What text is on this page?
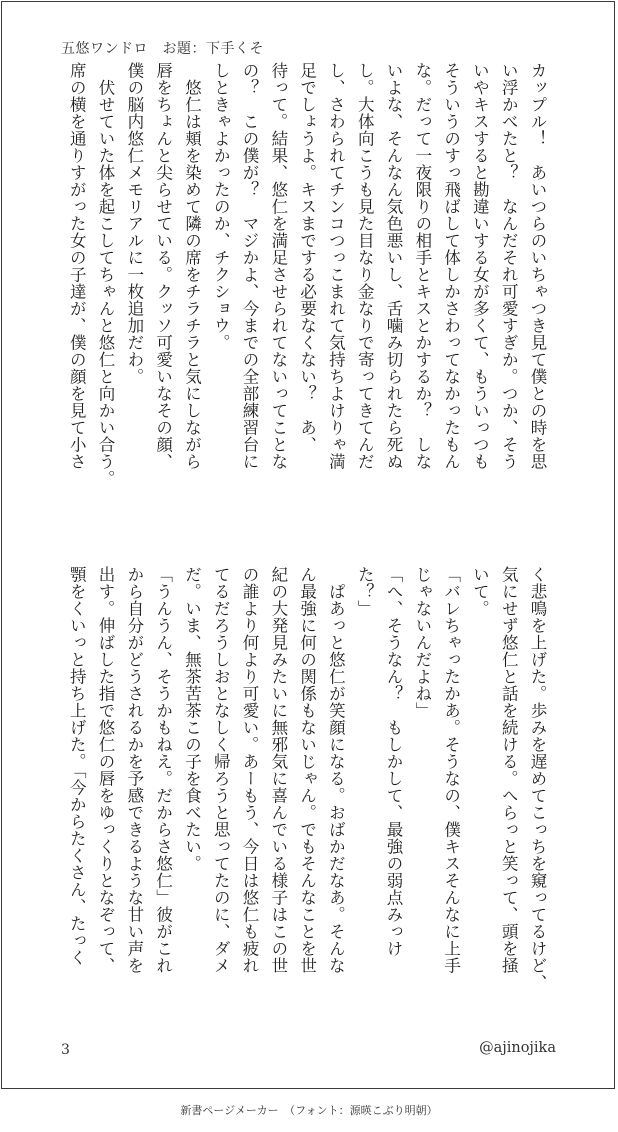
五悠ワンドロ　お題：下手くそ

カップル！　あいつらのいちゃつき見て僕との時を思

い浮かべたと？　なんだそれ可愛すぎか。つか、そう

いやキスすると勘違いする女が多くて、もういっつも

そういうのすっ飛ばして体しかさわってなかったもん

な。だって一夜限りの相手とキスとかするか？　しな

いよな、そんなん気色悪いし、舌噛み切られたら死ぬ

し。大体向こうも見た目なり金なりで寄ってきてんだ

し、さわられてチンコつっこまれて気持ちよけりゃ満

足でしょうよ。キスまでする必要なくない？　あ、

待って。結果、悠仁を満足させられてないってことな

の？　この僕が？　マジかよ、今までの全部練習台に

しときゃよかったのか、チクショウ。

　悠仁は頬を染めて隣の席をチラチラと気にしながら

唇をちょんと尖らせている。クッソ可愛いなその顔、

僕の脳内悠仁メモリアルに一枚追加だわ。

　伏せていた体を起こしてちゃんと悠仁と向かい合う。

席の横を通りすがった女の子達が、僕の顔を見て小さ

く悲鳴を上げた。歩みを遅めてこっちを窺ってるけど、

気にせず悠仁と話を続ける。へらっと笑って、頭を掻

いて。

「バレちゃったかあ。そうなの、僕キスそんなに上手

じゃないんだよね」

「へ、そうなん？　もしかして、最強の弱点みっけ

た？」

　ぱあっと悠仁が笑顔になる。おばかだなあ。そんな

ん最強に何の関係もないじゃん。でもそんなことを世

紀の大発見みたいに無邪気に喜んでいる様子はこの世

の誰より何より可愛い。あーもう、今日は悠仁も疲れ

てるだろうしおとなしく帰ろうと思ってたのに、ダメ

だ。いま、無茶苦茶この子を食べたい。

「うんうん、そうかもねえ。だからさ悠仁」彼がこれ

から自分がどうされるかを予感できるような甘い声を

出す。伸ばした指で悠仁の唇をゆっくりとなぞって、

顎をくいっと持ち上げた。「今からたくさん、たっく

3	@ajinojika
新書ページメーカー　（フォント：源暎こぶり明朝）
